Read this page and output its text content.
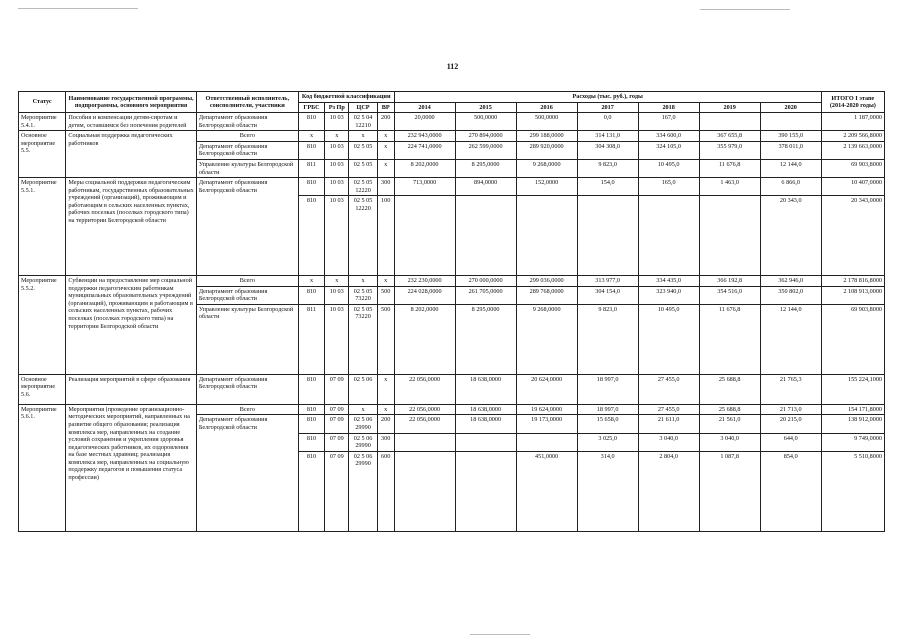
112
Статус	Наименование государственной программы, подпрограммы, основного мероприятия	Ответственный исполнитель, соисполнители, участники	Код бюджетной классификации				Расходы (тыс. руб.), годы							ИТОГО I этапе (2014-2020 годы)
			ГРБС	Рз Пр	ЦСР	ВР	2014	2015	2016	2017	2018	2019	2020	
Мероприятие 5.4.1.	Пособия и компенсации детям-сиротам и детям, оставшимся без попечения родителей	Департамент образования Белгородской области	810	10 03	02 5 04 12210	200	20,0000	500,0000	500,0000	0,0	167,0			1 187,0000
Основное мероприятие 5.5.	Социальная поддержка педагогических работников	Всего	x	x	x	x	232 943,0000	270 894,0000	299 188,0000	314 131,0	334 600,0	367 655,8	390 155,0	2 209 566,8000
		Департамент образования Белгородской области	810	10 03	02 5 05	x	224 741,0000	262 599,0000	289 920,0000	304 308,0	324 105,0	355 979,0	378 011,0	2 139 663,0000
		Управление культуры Белгородской области	811	10 03	02 5 05	x	8 202,0000	8 295,0000	9 268,0000	9 823,0	10 495,0	11 676,8	12 144,0	69 903,8000
Мероприятие 5.5.1.	Меры социальной поддержки педагогическим работникам, государственных образовательных учреждений (организаций), проживающим и работающим в сельских населенных пунктах, рабочих поселках (поселках городского типа) на территории Белгородской области	Департамент образования Белгородской области	810	10 03	02 5 05 12220	300	713,0000	894,0000	152,0000	154,0	165,0	1 463,0	6 866,0	10 407,0000
			810	10 03	02 5 05 12220	100							20 343,0	20 343,0000
Мероприятие 5.5.2.	Субвенции на предоставление мер социальной поддержки педагогическим работникам муниципальных образовательных учреждений (организаций), проживающим и работающим в сельских населенных пунктах, рабочих поселках (поселках городского типа) на территории Белгородской области	Всего	x	x	x	x	232 230,0000	270 000,0000	299 036,0000	313 977,0	334 435,0	366 192,8	362 946,0	2 178 816,8000
		Департамент образования Белгородской области	810	10 03	02 5 05 73220	500	224 028,0000	261 705,0000	289 768,0000	304 154,0	323 940,0	354 516,0	350 802,0	2 108 913,0000
		Управление культуры Белгородской области	811	10 03	02 5 05 73220	500	8 202,0000	8 295,0000	9 268,0000	9 823,0	10 495,0	11 676,8	12 144,0	69 903,8000
Основное мероприятие 5.6.	Реализация мероприятий в сфере образования	Департамент образования Белгородской области	810	07 09	02 5 06	x	22 056,0000	18 638,0000	20 624,0000	18 997,0	27 455,0	25 688,8	21 765,3	155 224,1000
Мероприятие 5.6.1.	Мероприятия (проведение организационно-методических мероприятий, направленных на развитие общего образования; реализация комплекса мер, направленных на создание условий сохранения и укрепления здоровья педагогических работников, их оздоровления на базе местных здравниц; реализация комплекса мер, направленных на социальную поддержку педагогов и повышения статуса профессии)	Всего	810	07 09	x	x	22 056,0000	18 638,0000	19 624,0000	18 997,0	27 455,0	25 688,8	21 713,0	154 171,8000
		Департамент образования Белгородской области	810	07 09	02 5 06 29990	200	22 056,0000	18 638,0000	19 173,0000	15 658,0	21 611,0	21 561,0	20 215,0	138 912,0000
			810	07 09	02 5 06 29990	300				3 025,0	3 040,0	3 040,0	644,0	9 749,0000
			810	07 09	02 5 06 29990	600			451,0000	314,0	2 804,0	1 087,8	854,0	5 510,8000
